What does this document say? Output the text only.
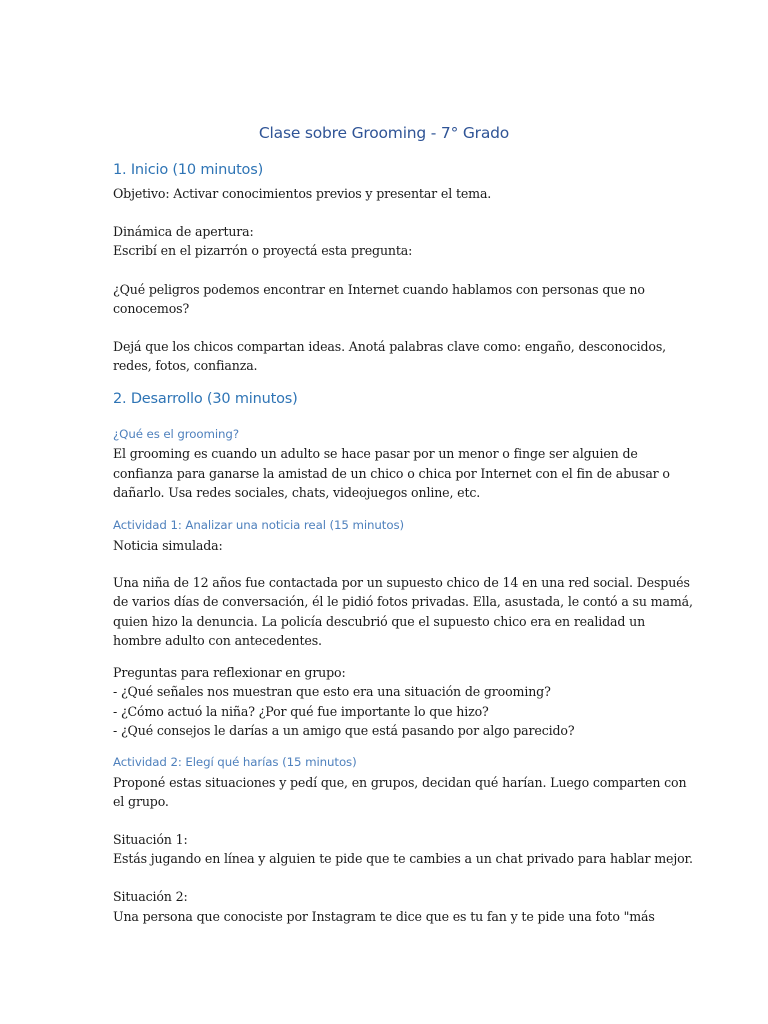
Clase sobre Grooming - 7° Grado
1. Inicio (10 minutos)
Objetivo: Activar conocimientos previos y presentar el tema.
Dinámica de apertura:
Escribí en el pizarrón o proyectá esta pregunta:
¿Qué peligros podemos encontrar en Internet cuando hablamos con personas que no
conocemos?
Dejá que los chicos compartan ideas. Anotá palabras clave como: engaño, desconocidos,
redes, fotos, confianza.
2. Desarrollo (30 minutos)
¿Qué es el grooming?
El grooming es cuando un adulto se hace pasar por un menor o finge ser alguien de
confianza para ganarse la amistad de un chico o chica por Internet con el fin de abusar o
dañarlo. Usa redes sociales, chats, videojuegos online, etc.
Actividad 1: Analizar una noticia real (15 minutos)
Noticia simulada:
Una niña de 12 años fue contactada por un supuesto chico de 14 en una red social. Después
de varios días de conversación, él le pidió fotos privadas. Ella, asustada, le contó a su mamá,
quien hizo la denuncia. La policía descubrió que el supuesto chico era en realidad un
hombre adulto con antecedentes.
Preguntas para reflexionar en grupo:
- ¿Qué señales nos muestran que esto era una situación de grooming?
- ¿Cómo actuó la niña? ¿Por qué fue importante lo que hizo?
- ¿Qué consejos le darías a un amigo que está pasando por algo parecido?
Actividad 2: Elegí qué harías (15 minutos)
Proponé estas situaciones y pedí que, en grupos, decidan qué harían. Luego comparten con
el grupo.
Situación 1:
Estás jugando en línea y alguien te pide que te cambies a un chat privado para hablar mejor.
Situación 2:
Una persona que conociste por Instagram te dice que es tu fan y te pide una foto "más
